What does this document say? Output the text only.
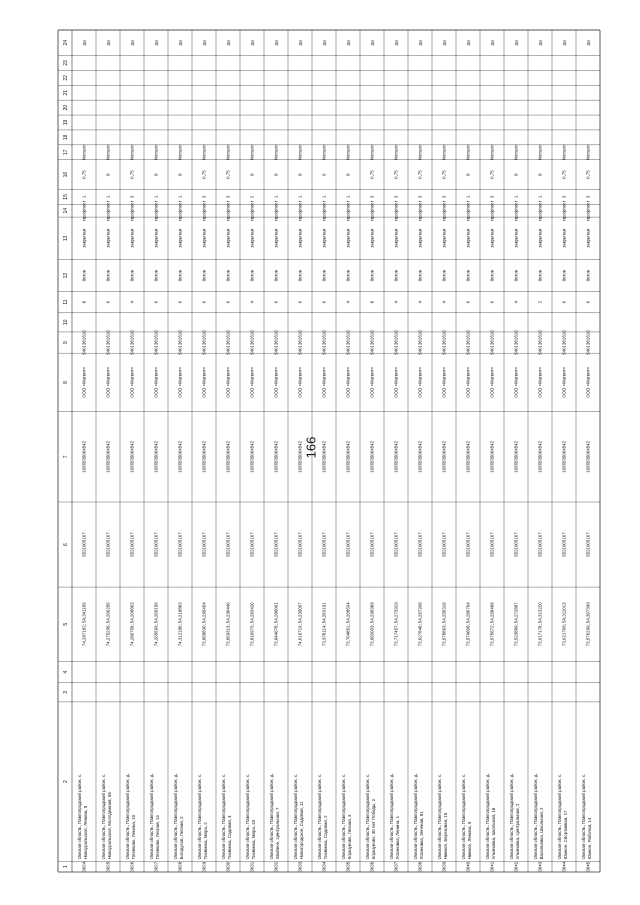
166
1
2
3
4
5
6
7
8
9
10
11
12
13
14
15
16
17
18
19
20
21
22
23
24
3624
Омская область, Павлоградский район, с. Новоуральское, Ленина, 9
74,287182; 54,341189
5521005167
1055535004542
ООО «Магнит»
5401381610
8
бетон
закрытая
профлист
1
0,75
Металл
да
3625
Омская область, Павлоградский район, с. Новоуральское, Молодежная, 65
74,275295; 54,200256
5521005167
1055535004542
ООО «Магнит»
5401381610
6
бетон
закрытая
профлист
1
8
Металл
да
3626
Омская область, Павлоградский район, д. Пленково, Ленина, 10
74,280758; 54,208803
5521005167
1055535004542
ООО «Магнит»
5401381610
4
бетон
закрытая
профлист
3
0,75
Металл
да
3627
Омская область, Павлоградский район, д. Пленково, Лесная, 14
74,265593; 54,209156
5521005167
1055535004542
ООО «Магнит»
5401381610
6
бетон
закрытая
профлист
1
8
Металл
да
3628
Омская область, Павлоградский район, д. Богодухов, Лесная, 2
74,312180; 54,218883
5521005167
1055535004542
ООО «Магнит»
5401381610
6
бетон
закрытая
профлист
1
8
Металл
да
3629
Омская область, Павлоградский район, с. Тихвинка, Мира, 2
73,858830; 54,295454
5521005167
1055535004542
ООО «Магнит»
5401381610
6
бетон
закрытая
профлист
3
0,75
Металл
да
3630
Омская область, Павлоградский район, с. Тихвинка, Садовая, 4
73,859313; 54,290446
5521005167
1055535004542
ООО «Магнит»
5401381610
6
бетон
закрытая
профлист
3
0,75
Металл
да
3631
Омская область, Павлоградский район, с. Тихвинка, Мира, 33
73,810973; 54,283420
5521005167
1055535004542
ООО «Магнит»
5401381610
4
бетон
закрытая
профлист
2
8
Металл
да
3632
Омская область, Павлоградский район, д. Хвойное, Центральная, 7
73,844678; 54,286001
5521005167
1055535004542
ООО «Магнит»
5401381610
6
бетон
закрытая
профлист
1
8
Металл
да
3633
Омская область, Павлоградский район, с. Новогородское, Садовая, 11
74,016719; 54,235057
5521005167
1055535004542
ООО «Магнит»
5401381610
6
бетон
закрытая
профлист
1
8
Металл
да
3634
Омская область, Павлоградский район, с. Тихвинка, Садовая, 2
73,978114; 54,283191
5521005167
1055535004542
ООО «Магнит»
5401381610
6
бетон
закрытая
профлист
1
6
Металл
да
3635
Омская область, Павлоградский район, с. Коршуново, Лесная, 3
73,704851; 54,208534
5521005167
1055535004542
ООО «Магнит»
5401381610
4
бетон
закрытая
профлист
1
8
Металл
да
3636
Омская область, Павлоградский район, с. Коршуново, 30 лет Победы, 2
73,682003; 54,295989
5521005167
1055535004542
ООО «Магнит»
5401381610
8
бетон
закрытая
профлист
3
0,75
Металл
да
3637
Омская область, Павлоградский район, д. Логиновка, Ленина, 1
73,717457; 54,273919
5521005167
1055535004542
ООО «Магнит»
5401381610
4
бетон
закрытая
профлист
3
0,75
Металл
да
3638
Омская область, Павлоградский район, д. Логиновка, Зеленая, 51
73,627848; 54,267208
5521005167
1055535004542
ООО «Магнит»
5401381610
4
бетон
закрытая
профлист
3
0,75
Металл
да
3639
Омская область, Павлоградский район, с. Нивное, Березовая, 15
73,578863; 54,256318
5521005167
1055535004542
ООО «Магнит»
5401381610
4
бетон
закрытая
профлист
3
0,75
Металл
да
3640
Омская область, Павлоградский район, с. Нивное, Ленина, 9
73,574608; 54,280764
5521005167
1055535004542
ООО «Магнит»
5401381610
6
бетон
закрытая
профлист
1
8
Металл
да
3641
Омская область, Павлоградский район, д. Ульяновка, Школьная, 18
73,575672; 54,258468
5521005167
1055535004542
ООО «Магнит»
5401381610
6
бетон
закрытая
профлист
3
0,75
Металл
да
3642
Омская область, Павлоградский район, д. Ульяновка, Центральная, 2
73,523889; 54,272887
5521005167
1055535004542
ООО «Магнит»
5401381610
4
бетон
закрытая
профлист
1
8
Металл
да
3643
Омская область, Павлоградский район, д. Васильевка, Школьная, 2
73,617178; 54,313220
5521005167
1055535004542
ООО «Магнит»
5401381610
2
бетон
закрытая
профлист
1
8
Металл
да
3644
Омская область, Павлоградский район, с. Южное, Спортивная, 17
73,621708; 54,311013
5521005167
1055535004542
ООО «Магнит»
5401381610
6
бетон
закрытая
профлист
3
0,75
Металл
да
3645
Омская область, Павлоградский район, с. Южное, Рабочая, 14
73,576299; 54,307399
5521005167
1055535004542
ООО «Магнит»
5401381610
6
бетон
закрытая
профлист
3
0,75
Металл
да
